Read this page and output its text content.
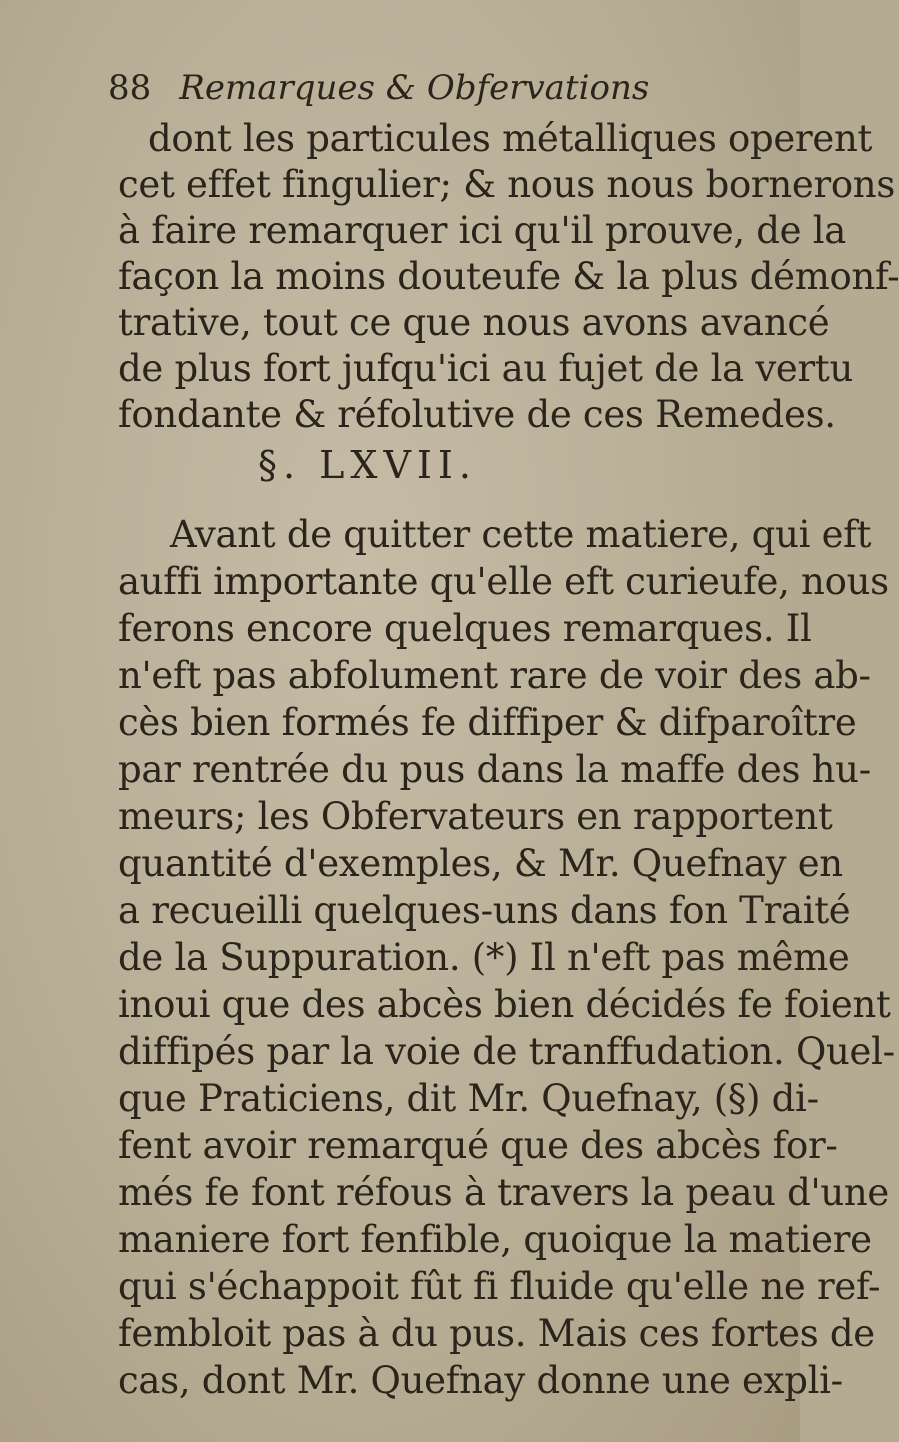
88 Remarques & Obfervations
dont les particules métalliques operent
cet effet fingulier; & nous nous bornerons
à faire remarquer ici qu'il prouve, de la
façon la moins douteufe & la plus démonf-
trative, tout ce que nous avons avancé
de plus fort jufqu'ici au fujet de la vertu
fondante & réfolutive de ces Remedes.
§. LXVII.
Avant de quitter cette matiere, qui eft
auffi importante qu'elle eft curieufe, nous
ferons encore quelques remarques. Il
n'eft pas abfolument rare de voir des ab-
cès bien formés fe diffiper & difparoître
par rentrée du pus dans la maffe des hu-
meurs; les Obfervateurs en rapportent
quantité d'exemples, & Mr. Quefnay en
a recueilli quelques-uns dans fon Traité
de la Suppuration. (*) Il n'eft pas même
inoui que des abcès bien décidés fe foient
diffipés par la voie de tranffudation. Quel-
que Praticiens, dit Mr. Quefnay, (§) di-
fent avoir remarqué que des abcès for-
més fe font réfous à travers la peau d'une
maniere fort fenfible, quoique la matiere
qui s'échappoit fût fi fluide qu'elle ne ref-
fembloit pas à du pus. Mais ces fortes de
cas, dont Mr. Quefnay donne une expli-
